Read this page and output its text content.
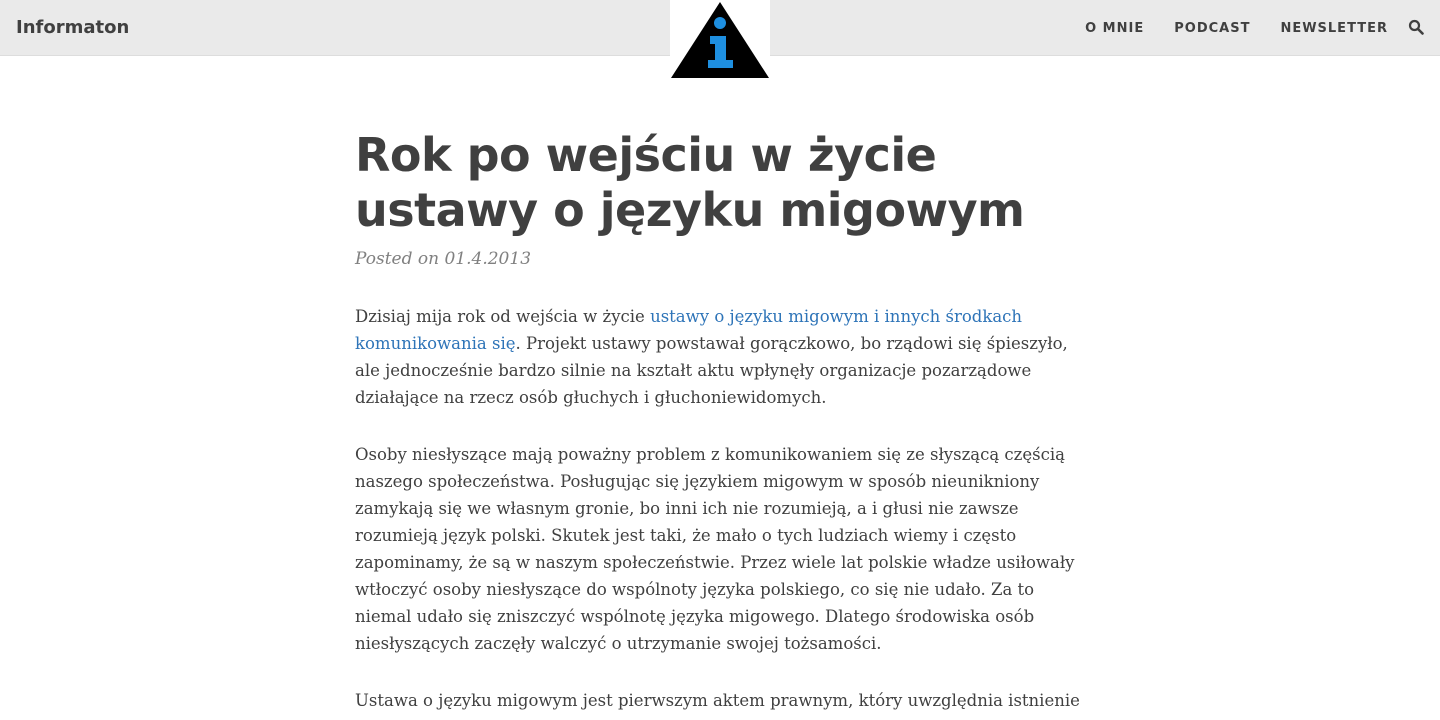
Informaton	O MNIE PODCAST NEWSLETTER
Rok po wejściu w życie ustawy o języku migowym
Posted on 01.4.2013

Dzisiaj mija rok od wejścia w życie ustawy o języku migowym i innych środkach komunikowania się. Projekt ustawy powstawał gorączkowo, bo rządowi się śpieszyło, ale jednocześnie bardzo silnie na kształt aktu wpłynęły organizacje pozarządowe działające na rzecz osób głuchych i głuchoniewidomych.

Osoby niesłyszące mają poważny problem z komunikowaniem się ze słyszącą częścią naszego społeczeństwa. Posługując się językiem migowym w sposób nieunikniony zamykają się we własnym gronie, bo inni ich nie rozumieją, a i głusi nie zawsze rozumieją język polski. Skutek jest taki, że mało o tych ludziach wiemy i często zapominamy, że są w naszym społeczeństwie. Przez wiele lat polskie władze usiłowały wtłoczyć osoby niesłyszące do wspólnoty języka polskiego, co się nie udało. Za to niemal udało się zniszczyć wspólnotę języka migowego. Dlatego środowiska osób niesłyszących zaczęły walczyć o utrzymanie swojej tożsamości.

Ustawa o języku migowym jest pierwszym aktem prawnym, który uwzględnia istnienie
